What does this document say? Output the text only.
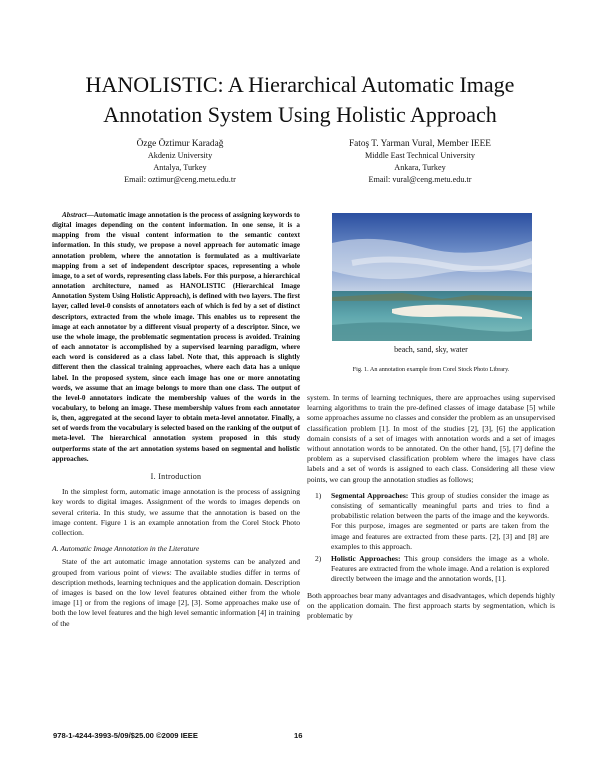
HANOLISTIC: A Hierarchical Automatic Image
Annotation System Using Holistic Approach
Özge Öztimur Karadağ
Akdeniz University
Antalya, Turkey
Email: oztimur@ceng.metu.edu.tr
Fatoş T. Yarman Vural, Member IEEE
Middle East Technical University
Ankara, Turkey
Email: vural@ceng.metu.edu.tr

Abstract—Automatic image annotation is the process of assigning keywords to digital images depending on the content information. In one sense, it is a mapping from the visual content information to the semantic context information. In this study, we propose a novel approach for automatic image annotation problem, where the annotation is formulated as a multivariate mapping from a set of independent descriptor spaces, representing a whole image, to a set of words, representing class labels. For this purpose, a hierarchical annotation architecture, named as HANOLISTIC (Hierarchical Image Annotation System Using Holistic Approach), is defined with two layers. The first layer, called level-0 consists of annotators each of which is fed by a set of distinct descriptors, extracted from the whole image. This enables us to represent the image at each annotator by a different visual property of a descriptor. Since, we use the whole image, the problematic segmentation process is avoided. Training of each annotator is accomplished by a supervised learning paradigm, where each word is considered as a class label. Note that, this approach is slightly different then the classical training approaches, where each data has a unique label. In the proposed system, since each image has one or more annotating words, we assume that an image belongs to more than one class. The output of the level-0 annotators indicate the membership values of the words in the vocabulary, to belong an image. These membership values from each annotator is, then, aggregated at the second layer to obtain meta-level annotator. Finally, a set of words from the vocabulary is selected based on the ranking of the output of meta-level. The hierarchical annotation system proposed in this study outperforms state of the art annotation systems based on segmental and holistic approaches.

I. Introduction

In the simplest form, automatic image annotation is the process of assigning key words to digital images. Assignment of the words to images depends on several criteria. In this study, we assume that the annotation is based on the image content. Figure 1 is an example annotation from the Corel Stock Photo collection.

A. Automatic Image Annotation in the Literature

State of the art automatic image annotation systems can be analyzed and grouped from various point of views: The available studies differ in terms of description methods, learning techniques and the application domain. Description of images is based on the low level features obtained either from the whole image [1] or from the regions of image [2], [3]. Some approaches make use of both the low level features and the high level semantic information [4] in training of the

beach, sand, sky, water
Fig. 1. An annotation example from Corel Stock Photo Library.

system. In terms of learning techniques, there are approaches using supervised learning algorithms to train the pre-defined classes of image database [5] while some approaches assume no classes and consider the problem as an unsupervised classification problem [1]. In most of the studies [2], [3], [6] the application domain consists of a set of images with annotation words and a set of images without annotation words to be annotated. On the other hand, [5], [7] define the problem as a supervised classification problem where the images have class labels and a set of words is assigned to each class. Considering all these view points, we can group the annotation studies as follows;

1) Segmental Approaches: This group of studies consider the image as consisting of semantically meaningful parts and tries to find a probabilistic relation between the parts of the image and the keywords. For this purpose, images are segmented or parts are taken from the image and features are extracted from these parts. [2], [3] and [8] are examples to this approach.
2) Holistic Approaches: This group considers the image as a whole. Features are extracted from the whole image. And a relation is explored directly between the image and the annotation words, [1].

Both approaches bear many advantages and disadvantages, which depends highly on the application domain. The first approach starts by segmentation, which is problematic by

978-1-4244-3993-5/09/$25.00 ©2009 IEEE	16
